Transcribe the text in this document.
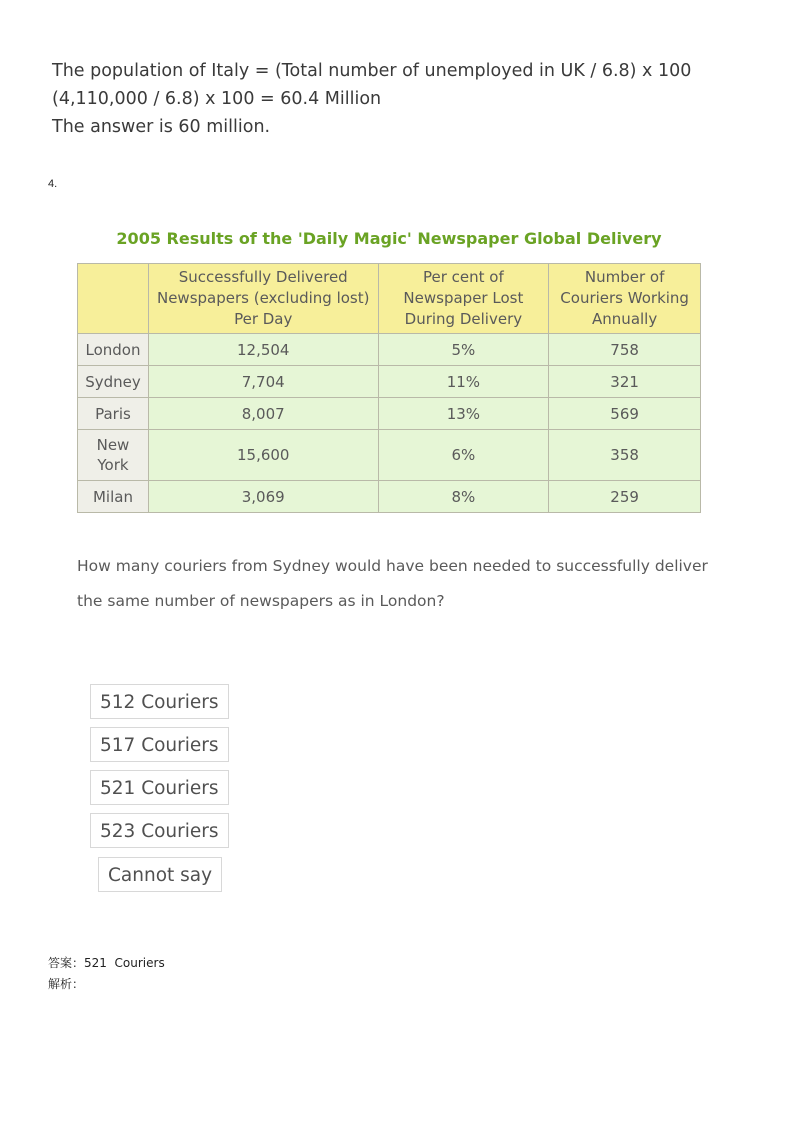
The population of Italy = (Total number of unemployed in UK / 6.8) x 100
(4,110,000 / 6.8) x 100 = 60.4 Million
The answer is 60 million.
4.
2005 Results of the 'Daily Magic' Newspaper Global Delivery
	Successfully Delivered Newspapers (excluding lost) Per Day	Per cent of Newspaper Lost During Delivery	Number of Couriers Working Annually
London	12,504	5%	758
Sydney	7,704	11%	321
Paris	8,007	13%	569
New York	15,600	6%	358
Milan	3,069	8%	259
How many couriers from Sydney would have been needed to successfully deliver the same number of newspapers as in London?
512 Couriers
517 Couriers
521 Couriers
523 Couriers
Cannot say
答案：521  Couriers
解析：
